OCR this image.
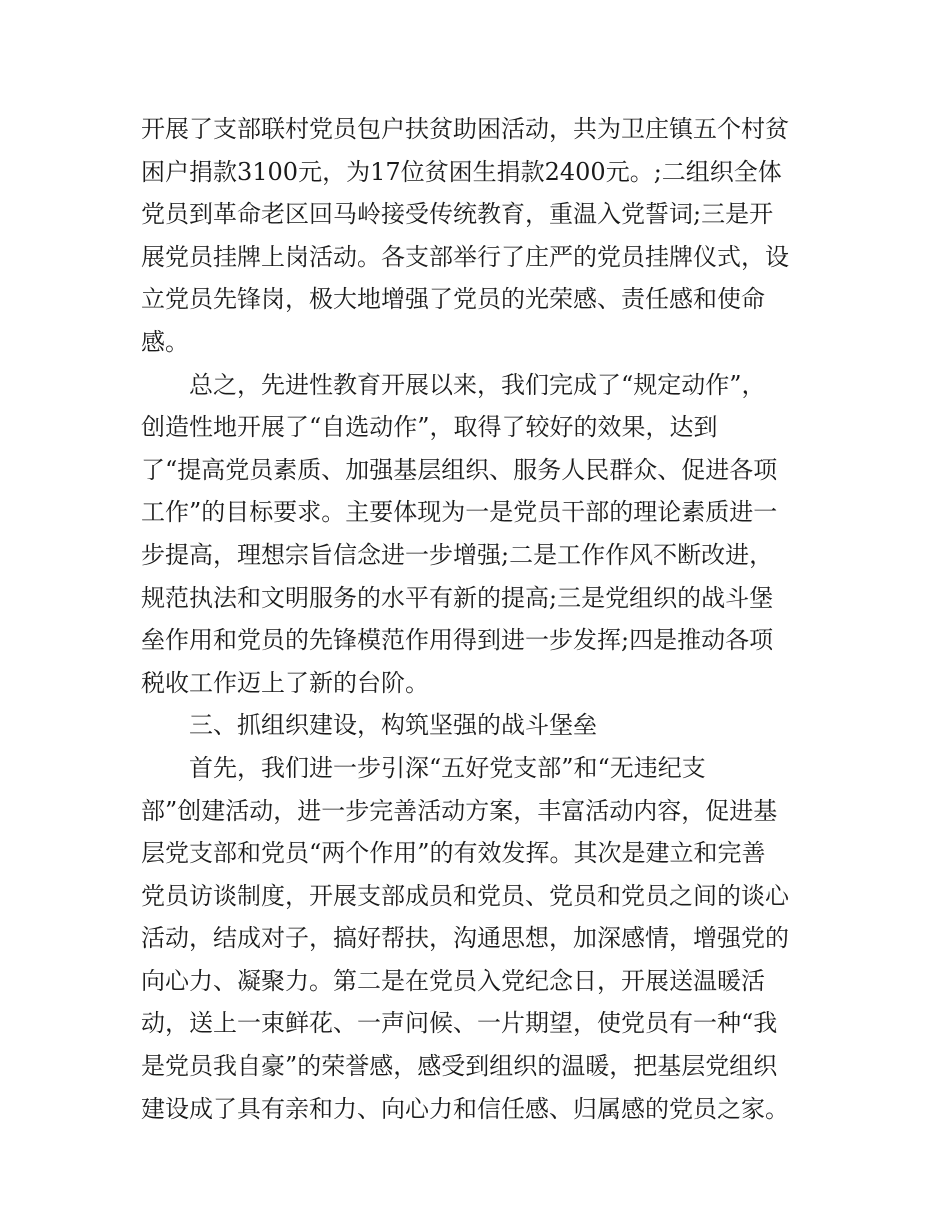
开展了支部联村党员包户扶贫助困活动，共为卫庄镇五个村贫
困户捐款3100元，为17位贫困生捐款2400元。;二组织全体
党员到革命老区回马岭接受传统教育，重温入党誓词;三是开
展党员挂牌上岗活动。各支部举行了庄严的党员挂牌仪式，设
立党员先锋岗，极大地增强了党员的光荣感、责任感和使命
感。
总之，先进性教育开展以来，我们完成了“规定动作”，
创造性地开展了“自选动作”，取得了较好的效果，达到
了“提高党员素质、加强基层组织、服务人民群众、促进各项
工作”的目标要求。主要体现为一是党员干部的理论素质进一
步提高，理想宗旨信念进一步增强;二是工作作风不断改进，
规范执法和文明服务的水平有新的提高;三是党组织的战斗堡
垒作用和党员的先锋模范作用得到进一步发挥;四是推动各项
税收工作迈上了新的台阶。
三、抓组织建设，构筑坚强的战斗堡垒
首先，我们进一步引深“五好党支部”和“无违纪支
部”创建活动，进一步完善活动方案，丰富活动内容，促进基
层党支部和党员“两个作用”的有效发挥。其次是建立和完善
党员访谈制度，开展支部成员和党员、党员和党员之间的谈心
活动，结成对子，搞好帮扶，沟通思想，加深感情，增强党的
向心力、凝聚力。第二是在党员入党纪念日，开展送温暖活
动，送上一束鲜花、一声问候、一片期望，使党员有一种“我
是党员我自豪”的荣誉感，感受到组织的温暖，把基层党组织
建设成了具有亲和力、向心力和信任感、归属感的党员之家。
